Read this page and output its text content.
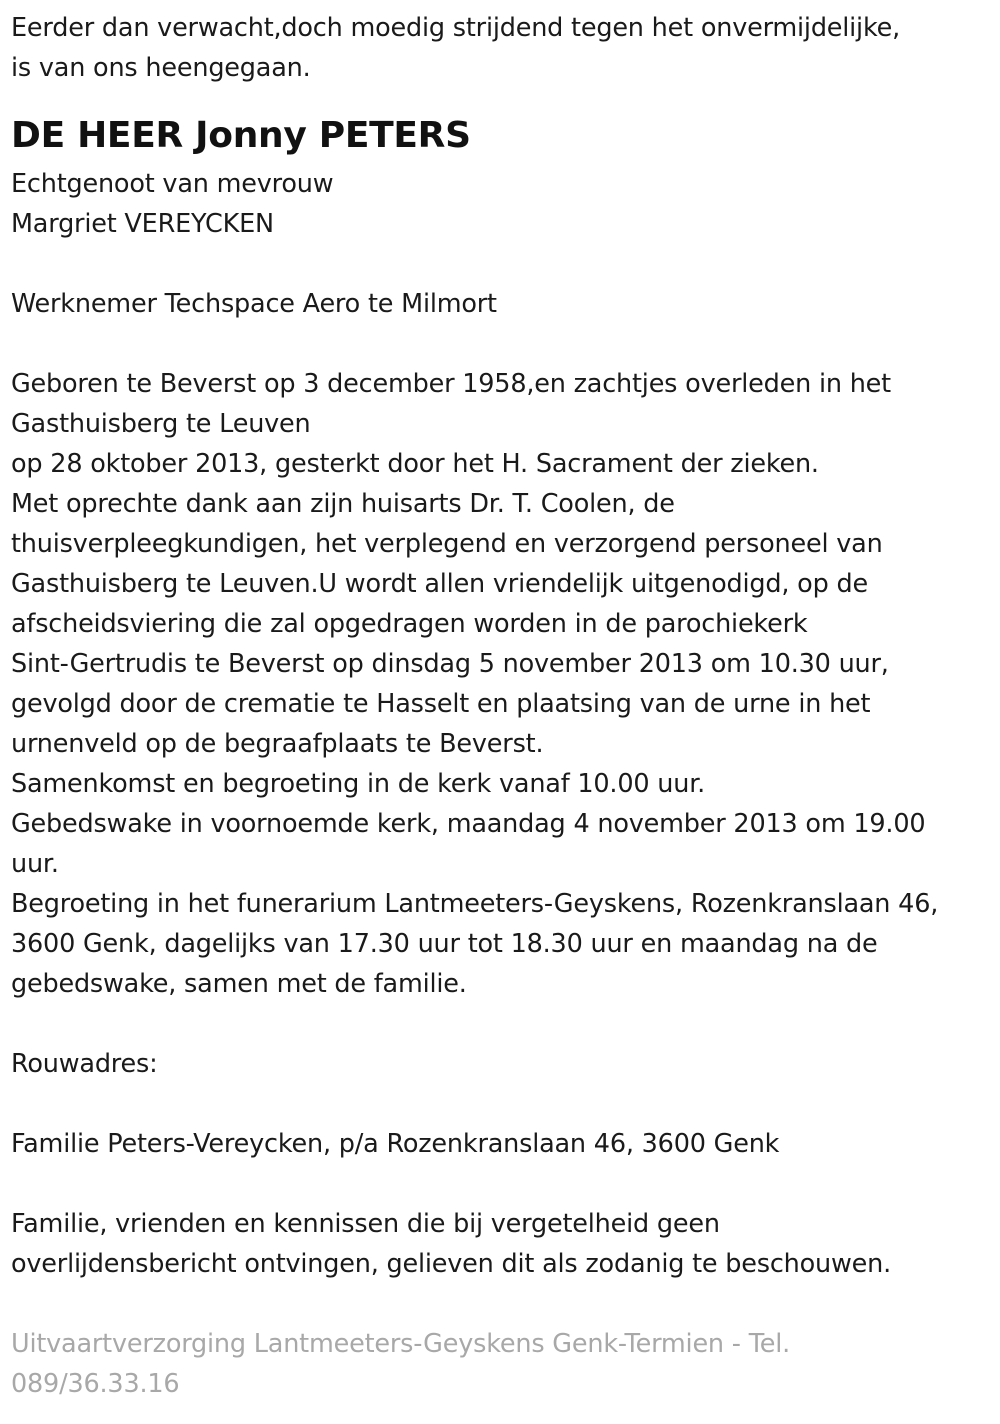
Eerder dan verwacht,doch moedig strijdend tegen het onvermijdelijke,
is van ons heengegaan.
DE HEER Jonny PETERS
Echtgenoot van mevrouw
Margriet VEREYCKEN
Werknemer Techspace Aero te Milmort
Geboren te Beverst op 3 december 1958,en zachtjes overleden in het
Gasthuisberg te Leuven
op 28 oktober 2013, gesterkt door het H. Sacrament der zieken.
Met oprechte dank aan zijn huisarts Dr. T. Coolen, de
thuisverpleegkundigen, het verplegend en verzorgend personeel van
Gasthuisberg te Leuven.U wordt allen vriendelijk uitgenodigd, op de
afscheidsviering die zal opgedragen worden in de parochiekerk
Sint-Gertrudis te Beverst op dinsdag 5 november 2013 om 10.30 uur,
gevolgd door de crematie te Hasselt en plaatsing van de urne in het
urnenveld op de begraafplaats te Beverst.
Samenkomst en begroeting in de kerk vanaf 10.00 uur.
Gebedswake in voornoemde kerk, maandag 4 november 2013 om 19.00
uur.
Begroeting in het funerarium Lantmeeters-Geyskens, Rozenkranslaan 46,
3600 Genk, dagelijks van 17.30 uur tot 18.30 uur en maandag na de
gebedswake, samen met de familie.
Rouwadres:
Familie Peters-Vereycken, p/a Rozenkranslaan 46, 3600 Genk
Familie, vrienden en kennissen die bij vergetelheid geen
overlijdensbericht ontvingen, gelieven dit als zodanig te beschouwen.
Uitvaartverzorging Lantmeeters-Geyskens Genk-Termien - Tel.
089/36.33.16
